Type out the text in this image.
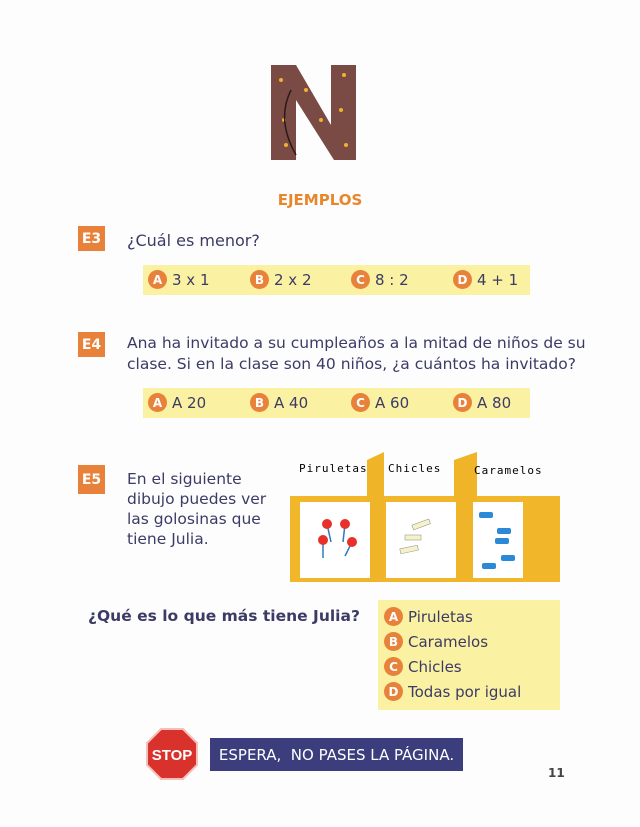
EJEMPLOS
E3 ¿Cuál es menor?
A 3 x 1	B 2 x 2	C 8 : 2	D 4 + 1
E4 Ana ha invitado a su cumpleaños a la mitad de niños de su
clase. Si en la clase son 40 niños, ¿a cuántos ha invitado?
A A 20	B A 40	C A 60	D A 80
E5 En el siguiente
dibujo puedes ver
las golosinas que
tiene Julia.
Piruletas Chicles	Caramelos
¿Qué es lo que más tiene Julia?	A Piruletas
B Caramelos
C Chicles
D Todas por igual
STOP	ESPERA,  NO PASES LA PÁGINA.
11
